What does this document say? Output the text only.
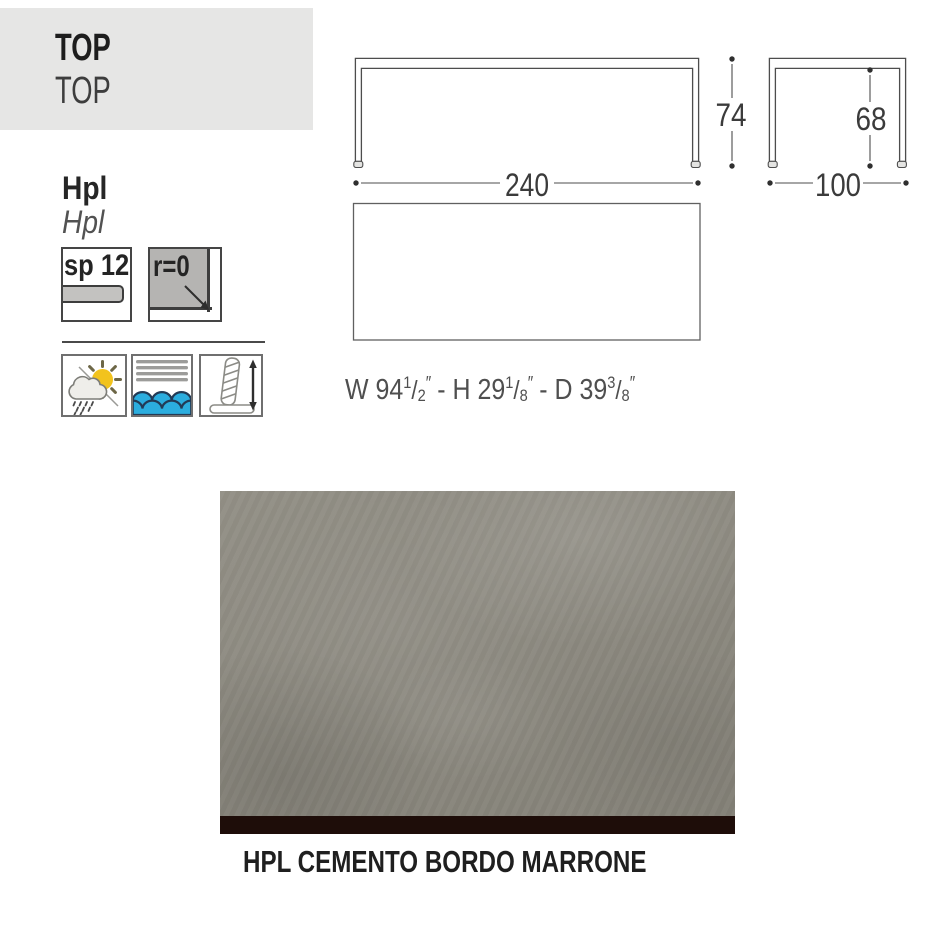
TOP
TOP
Hpl
Hpl
sp 12 r=0
240
74	68
100
W 94$^1$/2″ - H 29$^1$/8″ - D 39$^3$/8″
HPL CEMENTO BORDO MARRONE
